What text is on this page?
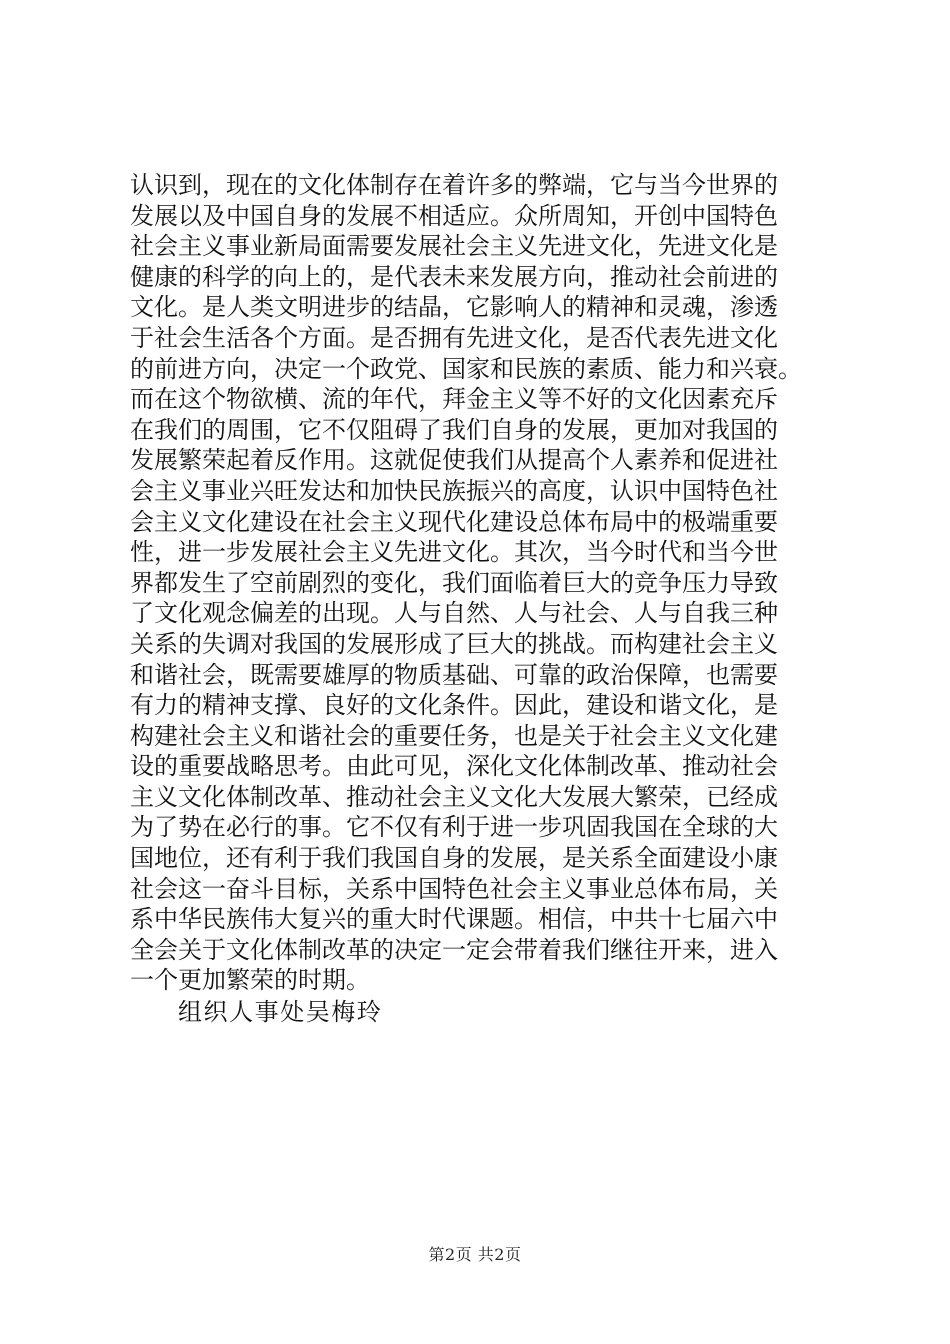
认识到，现在的文化体制存在着许多的弊端，它与当今世界的
发展以及中国自身的发展不相适应。众所周知，开创中国特色
社会主义事业新局面需要发展社会主义先进文化，先进文化是
健康的科学的向上的，是代表未来发展方向，推动社会前进的
文化。是人类文明进步的结晶，它影响人的精神和灵魂，渗透
于社会生活各个方面。是否拥有先进文化，是否代表先进文化
的前进方向，决定一个政党、国家和民族的素质、能力和兴衰。
而在这个物欲横、流的年代，拜金主义等不好的文化因素充斥
在我们的周围，它不仅阻碍了我们自身的发展，更加对我国的
发展繁荣起着反作用。这就促使我们从提高个人素养和促进社
会主义事业兴旺发达和加快民族振兴的高度，认识中国特色社
会主义文化建设在社会主义现代化建设总体布局中的极端重要
性，进一步发展社会主义先进文化。其次，当今时代和当今世
界都发生了空前剧烈的变化，我们面临着巨大的竞争压力导致
了文化观念偏差的出现。人与自然、人与社会、人与自我三种
关系的失调对我国的发展形成了巨大的挑战。而构建社会主义
和谐社会，既需要雄厚的物质基础、可靠的政治保障，也需要
有力的精神支撑、良好的文化条件。因此，建设和谐文化，是
构建社会主义和谐社会的重要任务，也是关于社会主义文化建
设的重要战略思考。由此可见，深化文化体制改革、推动社会
主义文化体制改革、推动社会主义文化大发展大繁荣，已经成
为了势在必行的事。它不仅有利于进一步巩固我国在全球的大
国地位，还有利于我们我国自身的发展，是关系全面建设小康
社会这一奋斗目标，关系中国特色社会主义事业总体布局，关
系中华民族伟大复兴的重大时代课题。相信，中共十七届六中
全会关于文化体制改革的决定一定会带着我们继往开来，进入
一个更加繁荣的时期。
组织人事处吴梅玲
第2页 共2页
